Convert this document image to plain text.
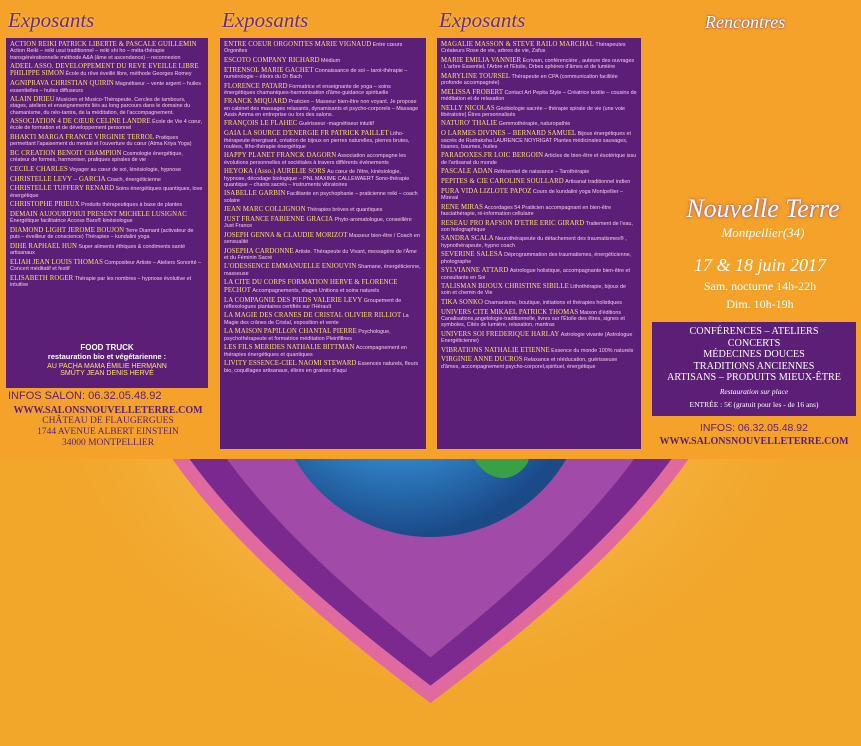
Exposants
ACTION REIKI PATRICK LIBERTE & PASCALE GUILLEMIN Action Reiki – reiki usui traditionnel – reiki shi ho – méta-thérapie transgénérationnelle méthode A&A (âme et ascendance) – reconnexion
ADEEL ASSO. DÉVELOPPEMENT DU RÊVE ÉVEILLÉ LIBRE PHILIPPE SIMON École du rêve éveillé libre, méthode Georges Romey
AGNIPRAVA CHRISTIAN QUIRIN Magnétiseur – vente argent – huiles essentielles – huiles diffuseurs
ALAIN DRIEU Musicien et Musico-Thérapeute. Cercles de tambours, stages, ateliers et enseignements liés au long parcours dans le domaine du chamanisme, du néo-tantra, de la méditation, de l'accompagnement.
ASSOCIATION 4 DE CŒUR CÉLINE LANDRE École de Vie 4 cœur, école de formation et de développement personnel
BHAKTI MARGA FRANCE VIRGINIE TERROL Pratiques permettant l'apaisement du mental et l'ouverture du cœur (Atma Kriya Yoga)
BC CRÉATION BENOÎT CHAMPION Cosmologie énergétique, créateur de formes, harmoniser, pratiques spirales de vie
CÉCILE CHARLES Voyager au cœur de soi, kinésiologie, hypnose
CHRISTELLE LÉVY – GARCIA Coach, énergéticienne
CHRISTELLE TUFFERY RENARD Soins énergétiques quantiques, love énergétique
CHRISTOPHE PRIEUX Produits thérapeutiques à base de plantes
DEMAIN AUJOURD'HUI PRÉSENT MICHÈLE LUSIGNAC Énergétique facilitatrice Access Bars® kinésiologue
DIAMOND LIGHT JÉRÔME BOUJON Terre Diamant (activateur de puis – éveilleur de conscience) Thérapies – kundalini yoga
DIHÉ RAPHAEL HUN Super aliments éthiques & condiments santé artisanaux
ÉLIAH JEAN LOUIS THOMAS Compositeur Artiste – Ateliers Sonorité – Concert méditatif et festif
ÉLISABETH ROGER Thérapie par les nombres – hypnose évolutive et intuitive
FOOD TRUCK
restauration bio et végétarienne :
AU PACHA MAMA ÉMILIE HERMANN
SMÜTY JEAN DENIS HERVÉ
INFOS SALON: 06.32.05.48.92
WWW.SALONSNOUVELLETERRE.COM
CHÂTEAU DE FLAUGERGUES
1744 AVENUE ALBERT EINSTEIN
34000 MONTPELLIER
Exposants
ENTRE COEUR ORGONITES MARIE VIGNAUD Entre cœurs Orgonites
ESCOTO COMPANY RICHARD Médium
ÉTRENSOL MARIE GACHET Connaissance de soi – tarot-thérapie – numérologie – élixirs du Dr Bach
FLORENCE PATARD Formatrice et enseignante de yoga – soins énergétiques chamaniques-harmonisation d'âme-guidance spirituelle
FRANCK MIQUARD Praticien – Masseur bien-être non voyant. Je propose en cabinet des massages relaxants, dynamisants et psycho-corporels – Massage Assis Amma en entreprise ou lors des salons.
FRANÇOIS LE FLAHEC Guérisseur -magnétiseur intuitif
GAÏA LA SOURCE D'ÉNERGIE FR PATRICK PAILLET Litho-thérapeute énergisant, création de bijoux en pierres naturelles, pierres brutes, roulées, litho-thérapie énergétique
HAPPY PLANET FRANCK DAGORN Association accompagne les évolutions personnelles et sociétales à travers différents évènements
HEYOKA (Asso.) AURELIE SORS Au cœur de l'être, kinésiologie, hypnose, décodage biologique – PNL MAXIME CALLEWAERT Sono-thérapie quantique – chants sacrés – instruments vibratoires
ISABELLE GARBIN Facilitante en psychophanie – praticienne reiki – coach solaire
JEAN MARC COLLIGNON Thérapies brèves et quantiques
JUST FRANCE FABIENNE GRACIA Phyto-aromatologue, conseillère Just France
JOSEPH GENNA & CLAUDIE MORIZOT Masseur bien-être / Coach en sensualité
JOSEPHA CARDONNE Artiste. Thérapeute du Vivant, messagère de l'Âme et du Féminin Sacré
L'ODESSENCE EMMANUELLE ENJOUVIN Shamane, énergéticienne, masseuse
LA CITÉ DU CORPS FORMATION HERVÉ & FLORENCE PECHOT Accompagnements, stages Unitions et soins naturels
LA COMPAGNIE DES PIEDS VALÉRIE LÉVY Groupement de réflexologues plantaires certifiés sur l'Hérault
LA MAGIE DES CRÂNES DE CRISTAL OLIVIER RILLIOT La Magie des crânes de Cristal, exposition et vente
LA MAISON PAPILLON CHANTAL PIERRE Psychologue, psychothérapeute et formatrice méditation Pleinfillnes
LES FILS MÉRIDES NATHALIE BITTMAN Accompagnement en thérapies énergétiques et quantiques
LIVITY ESSENCE-CIEL NAOMI STEWARD Essences naturels, fleurs bio, coquillages artisanaux, élixirs en graines d'aqui
Exposants
MAGALIE MASSON & STEVE RAILO MARCHAL Thérapeutes Créateurs Rose de vie, arbres de vie, Zafus
MARIE EMILIA VANNIER Écrivain, conférencière , auteure des ouvrages : L'arbre Essentiel, l'Arbre et l'Etoile, Orbes sphères d'âmes et de lumière
MARYLINE TOURSEL Thérapeute en CPA (communication facilitée profonde accompagnée)
MÉLISSA FROBERT Contact Art Pepita Style – Créatrice textile – cousins de méditation et de relaxation
NELLY NICOLAS Géobiologie sacrée – thérapie spirale de vie (une voie libératoire) Êtres personnalisés
NATURO' THALIE Gemmothérapie, naturopathie
Ô LARMES DIVINES – BERNARD SAMUEL Bijoux énergétiques et sacrés de Rudraksha LAURENCE NOYRIGAT Plantes médicinales sauvages, tisanes, baumes, huiles
PARADOXES.FR LOÏC BERGOIN Articles de bien-être et ésotérique issu de l'artisanat du monde
PASCALE ADAN Référentiel de naissance – Tarothérapie
PÉPITES & CIE CAROLINE SOULLARD Artisanat traditionnel indien
PURA VIDA LIZLOTE PAPOZ Cours de kundalini yoga Montpellier – Mireval
RENÉ MIRAS Accordages 54 Pratiicien accompagnant en bien-être fasciathérapie, ré-information cellulaire
RÉSEAU PRO RAFSON D'ÊTRE ÉRIC GIRARD Traitement de l'eau, son holographique
SANDRA SCALA Neurothérapeute du détachement des traumatismes® , hypnothérapeute, hypno coach
SÉVERINE SALÉSA Déprogrammation des traumatismes, énergéticienne, photographe
SYLVIANNE ATTARD Astrologue holistique, accompagnante bien-être et consultante en Soi
TALISMAN BIJOUX CHRISTINE SIBILLE Lithothérapie, bijoux de soin et chemin de Vie
TIKA SONKO Chamanisme, boutique, initiations et thérapies holistiques
UNIVERS CITÉ MIKAËL PATRICK THOMAS Maison d'éditions Canalisations,angelologie-traditionnelle, livres sur l'Étoile des êtres, signes et symboles, Cités de lumière, relaxation, mantras
UNIVERS SOI FRÉDÉRIQUE HARLAY Astrologie vivante (Astrologue Energéticienne)
VIBRATIONS NATHALIE ÉTIENNE Essence du monde 100% naturels
VIRGINIE ANNE DUCROS Relaxance et rééducation, guérisseuse d'âmes, accompagnement psycho-corporel,spirituel, énergétique
Rencontres
Nouvelle Terre
Montpellier(34)
17 & 18 juin 2017
Sam. nocturne 14h-22h
Dim. 10h-19h
CONFÉRENCES – ATELIERS
CONCERTS
MÉDECINES DOUCES
TRADITIONS ANCIENNES
ARTISANS – PRODUITS MIEUX-ÊTRE
Restauration sur place
ENTRÉE : 5€ (gratuit pour les - de 16 ans)
INFOS: 06.32.05.48.92
WWW.SALONSNOUVELLETERRE.COM
